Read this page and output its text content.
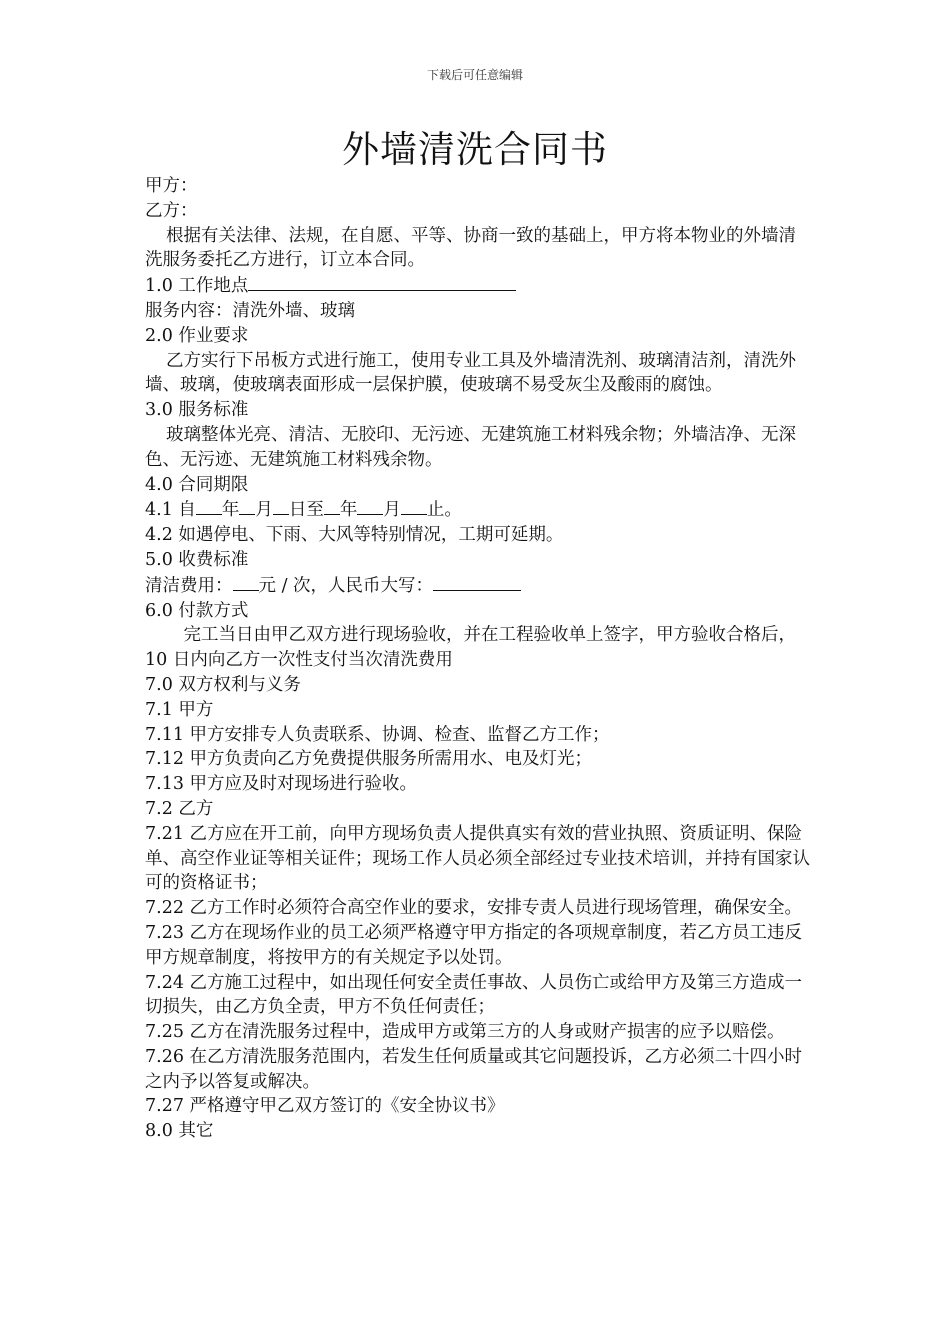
下载后可任意编辑
外墙清洗合同书

甲方：

乙方：

根据有关法律、法规，在自愿、平等、协商一致的基础上，甲方将本物业的外墙清洗服务委托乙方进行，订立本合同。

1.0 工作地点

服务内容：清洗外墙、玻璃

2.0 作业要求

乙方实行下吊板方式进行施工，使用专业工具及外墙清洗剂、玻璃清洁剂，清洗外墙、玻璃，使玻璃表面形成一层保护膜，使玻璃不易受灰尘及酸雨的腐蚀。

3.0 服务标准

玻璃整体光亮、清洁、无胶印、无污迹、无建筑施工材料残余物；外墙洁净、无深色、无污迹、无建筑施工材料残余物。

4.0 合同期限

4.1 自 年 月 日至 年 月 止。

4.2 如遇停电、下雨、大风等特别情况，工期可延期。

5.0 收费标准

清洁费用： 元 / 次，人民币大写：

6.0 付款方式

完工当日由甲乙双方进行现场验收，并在工程验收单上签字，甲方验收合格后，10 日内向乙方一次性支付当次清洗费用

7.0 双方权利与义务

7.1 甲方

7.11 甲方安排专人负责联系、协调、检查、监督乙方工作；

7.12 甲方负责向乙方免费提供服务所需用水、电及灯光；

7.13 甲方应及时对现场进行验收。

7.2 乙方

7.21 乙方应在开工前，向甲方现场负责人提供真实有效的营业执照、资质证明、保险单、高空作业证等相关证件；现场工作人员必须全部经过专业技术培训，并持有国家认可的资格证书；

7.22 乙方工作时必须符合高空作业的要求，安排专责人员进行现场管理，确保安全。

7.23 乙方在现场作业的员工必须严格遵守甲方指定的各项规章制度，若乙方员工违反甲方规章制度，将按甲方的有关规定予以处罚。

7.24 乙方施工过程中，如出现任何安全责任事故、人员伤亡或给甲方及第三方造成一切损失，由乙方负全责，甲方不负任何责任；

7.25 乙方在清洗服务过程中，造成甲方或第三方的人身或财产损害的应予以赔偿。

7.26 在乙方清洗服务范围内，若发生任何质量或其它问题投诉，乙方必须二十四小时之内予以答复或解决。

7.27 严格遵守甲乙双方签订的《安全协议书》

8.0 其它
